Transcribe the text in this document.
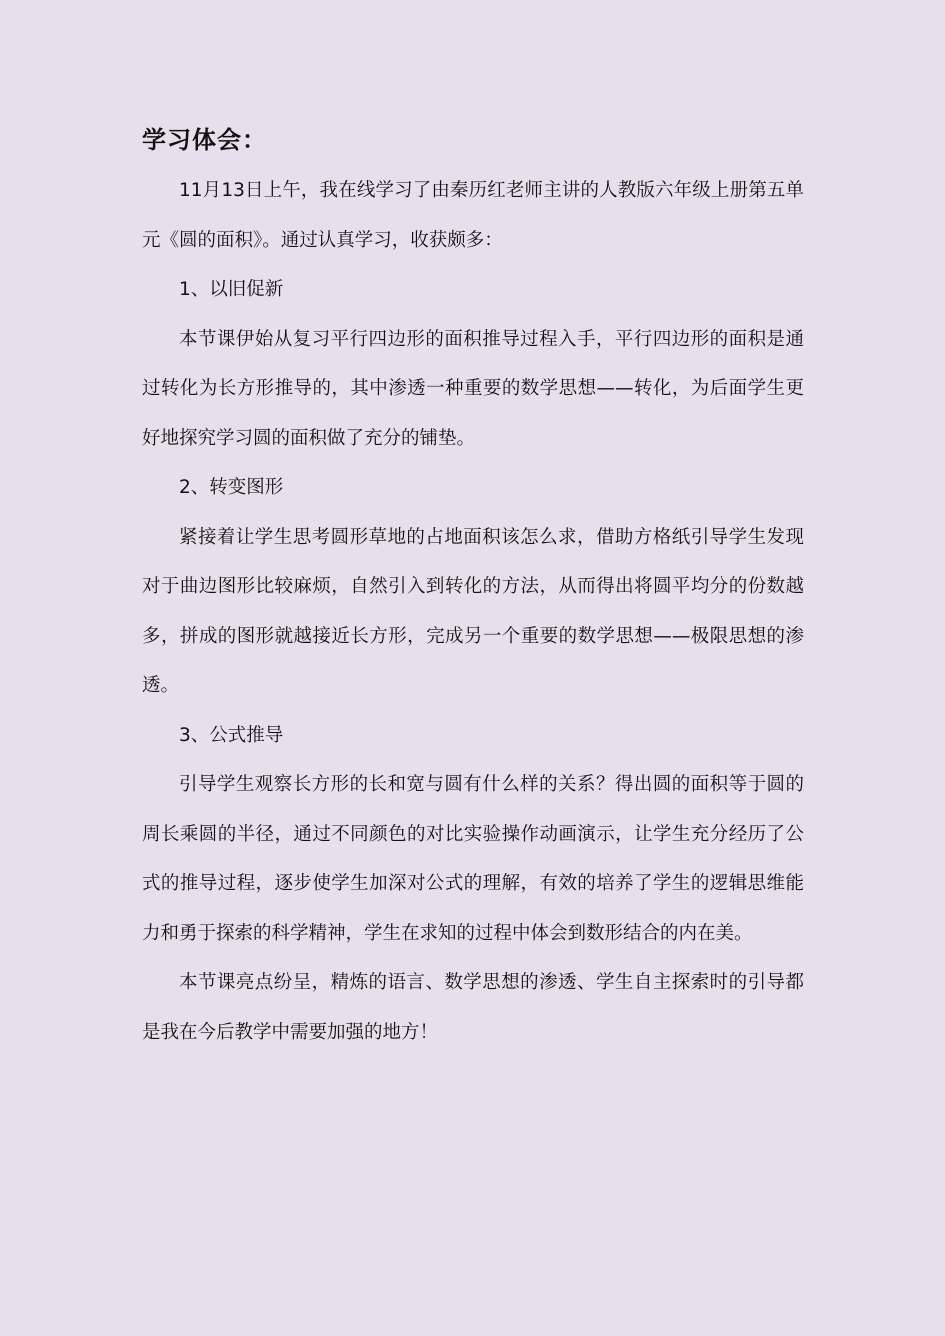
学习体会：

11月13日上午，我在线学习了由秦历红老师主讲的人教版六年级上册第五单元《圆的面积》。通过认真学习，收获颇多：

1、以旧促新

本节课伊始从复习平行四边形的面积推导过程入手，平行四边形的面积是通过转化为长方形推导的，其中渗透一种重要的数学思想——转化，为后面学生更好地探究学习圆的面积做了充分的铺垫。

2、转变图形

紧接着让学生思考圆形草地的占地面积该怎么求，借助方格纸引导学生发现对于曲边图形比较麻烦，自然引入到转化的方法，从而得出将圆平均分的份数越多，拼成的图形就越接近长方形，完成另一个重要的数学思想——极限思想的渗透。

3、公式推导

引导学生观察长方形的长和宽与圆有什么样的关系？得出圆的面积等于圆的周长乘圆的半径，通过不同颜色的对比实验操作动画演示，让学生充分经历了公式的推导过程，逐步使学生加深对公式的理解，有效的培养了学生的逻辑思维能力和勇于探索的科学精神，学生在求知的过程中体会到数形结合的内在美。

本节课亮点纷呈，精炼的语言、数学思想的渗透、学生自主探索时的引导都是我在今后教学中需要加强的地方！
